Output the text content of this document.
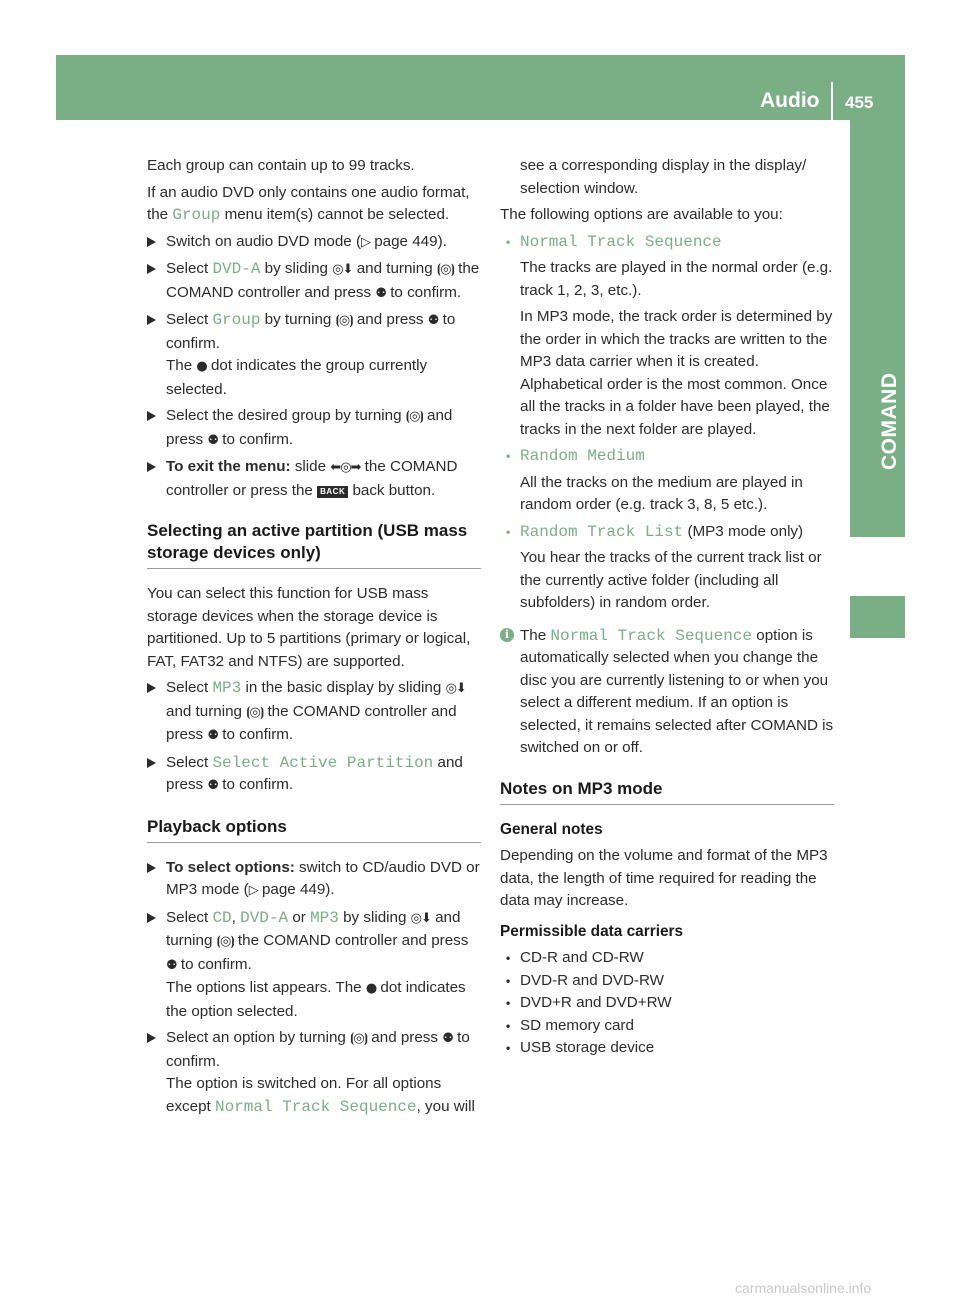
Audio 455
COMAND

Each group can contain up to 99 tracks.

If an audio DVD only contains one audio format, the Group menu item(s) cannot be selected.

Switch on audio DVD mode (▷ page 449).
Select DVD-A by sliding ◎⬇ and turning ⦗◎⦘ the COMAND controller and press ⚉ to confirm.
Select Group by turning ⦗◎⦘ and press ⚉ to confirm.
The ● dot indicates the group currently selected.
Select the desired group by turning ⦗◎⦘ and press ⚉ to confirm.
To exit the menu: slide ⬅◎➡ the COMAND controller or press the BACK back button.
Selecting an active partition (USB mass storage devices only)

You can select this function for USB mass storage devices when the storage device is partitioned. Up to 5 partitions (primary or logical, FAT, FAT32 and NTFS) are supported.

Select MP3 in the basic display by sliding ◎⬇ and turning ⦗◎⦘ the COMAND controller and press ⚉ to confirm.
Select Select Active Partition and press ⚉ to confirm.
Playback options
To select options: switch to CD/audio DVD or MP3 mode (▷ page 449).
Select CD, DVD-A or MP3 by sliding ◎⬇ and turning ⦗◎⦘ the COMAND controller and press ⚉ to confirm.
The options list appears. The ● dot indicates the option selected.
Select an option by turning ⦗◎⦘ and press ⚉ to confirm.
The option is switched on. For all options except Normal Track Sequence, you will

see a corresponding display in the display/ selection window.

The following options are available to you:

• Normal Track Sequence

The tracks are played in the normal order (e.g. track 1, 2, 3, etc.).

In MP3 mode, the track order is determined by the order in which the tracks are written to the MP3 data carrier when it is created. Alphabetical order is the most common. Once all the tracks in a folder have been played, the tracks in the next folder are played.

• Random Medium

All the tracks on the medium are played in random order (e.g. track 3, 8, 5 etc.).

• Random Track List (MP3 mode only)

You hear the tracks of the current track list or the currently active folder (including all subfolders) in random order.

i The Normal Track Sequence option is automatically selected when you change the disc you are currently listening to or when you select a different medium. If an option is selected, it remains selected after COMAND is switched on or off.
Notes on MP3 mode
General notes

Depending on the volume and format of the MP3 data, the length of time required for reading the data may increase.

Permissible data carriers
• CD-R and CD-RW
• DVD-R and DVD-RW
• DVD+R and DVD+RW
• SD memory card
• USB storage device
carmanualsonline.info
